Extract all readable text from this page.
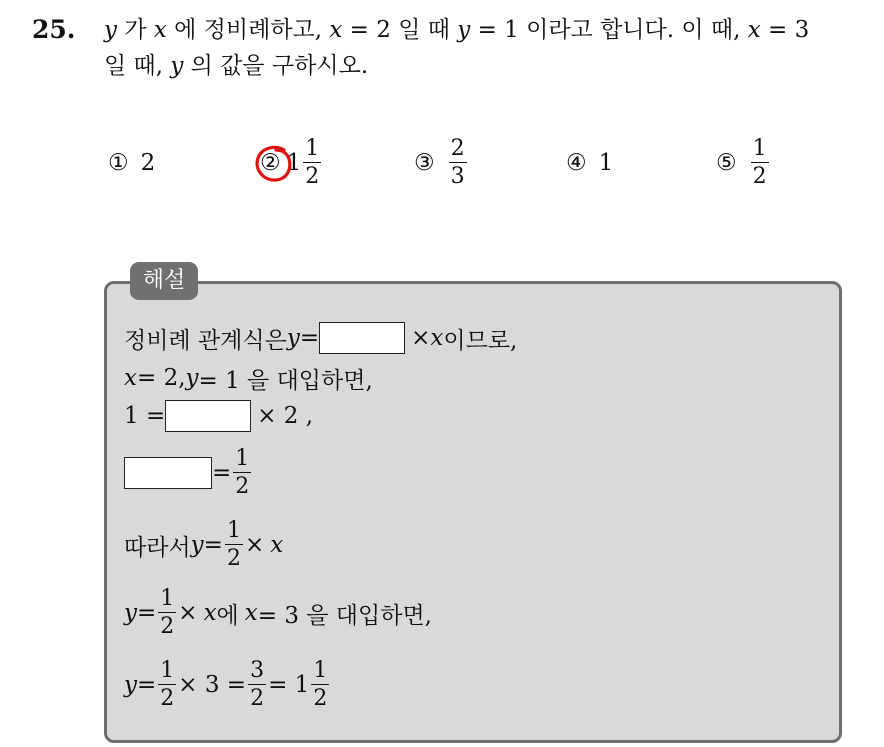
25. y 가 x 에 정비례하고, x = 2 일 때 y = 1 이라고 합니다. 이 때, x = 3
일 때, y 의 값을 구하시오.
① 2	② $1 \frac{1}{2}$	③ $\frac{2}{3}$	④ 1	⑤ $\frac{1}{2}$
해설
정비례 관계식은 y =	× x 이므로,
x = 2, y = 1 을 대입하면,
1 =	× 2 ,
= $\frac{1}{2}$
따라서 $y = \frac{1}{2} \times x$
$y = \frac{1}{2} \times x$ 에 x = 3 을 대입하면,
$y = \frac{1}{2} \times 3 = \frac{3}{2} = 1 \frac{1}{2}$
